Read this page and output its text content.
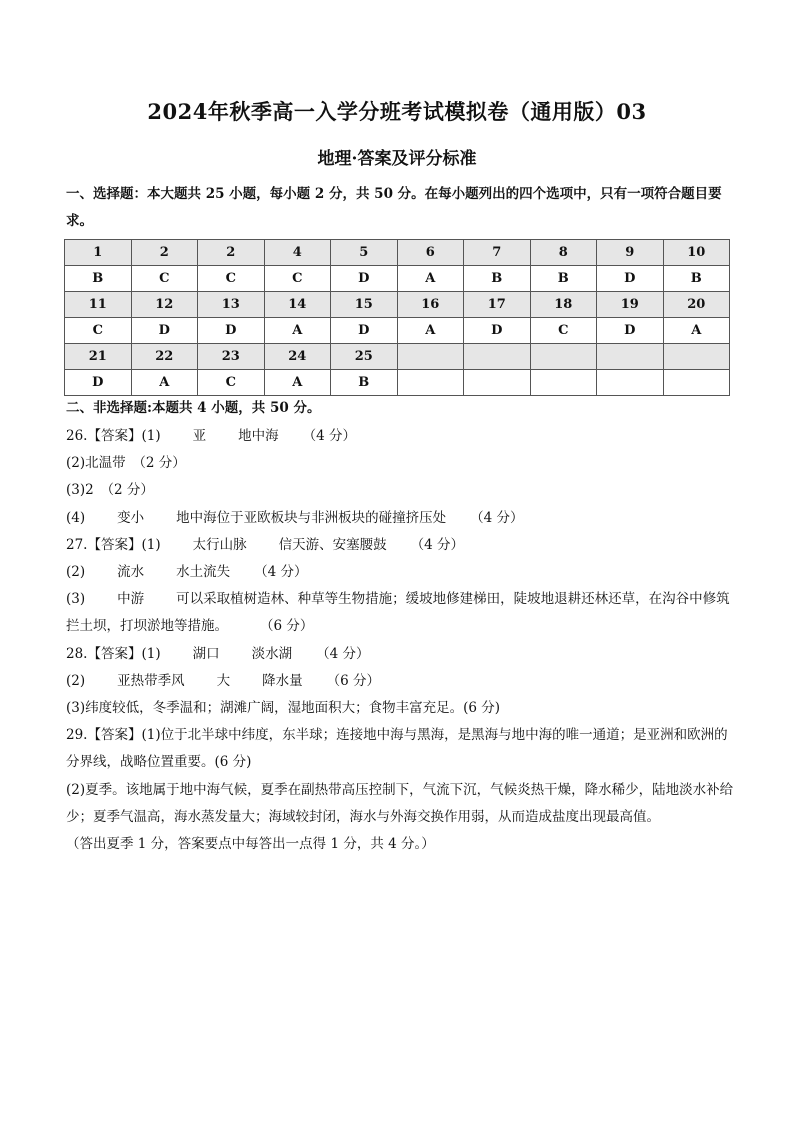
2024年秋季高一入学分班考试模拟卷（通用版）03
地理·答案及评分标准
一、选择题：本大题共 25 小题，每小题 2 分，共 50 分。在每小题列出的四个选项中，只有一项符合题目要求。
1	2	2	4	5	6	7	8	9	10
B	C	C	C	D	A	B	B	D	B
11	12	13	14	15	16	17	18	19	20
C	D	D	A	D	A	D	C	D	A
21	22	23	24	25					
D	A	C	A	B					
二、非选择题:本题共 4 小题，共 50 分。
26.【答案】(1) 亚 地中海 （4 分）
(2)北温带　（2 分）
(3)2　（2 分）
(4) 变小 地中海位于亚欧板块与非洲板块的碰撞挤压处 （4 分）
27.【答案】(1) 太行山脉 信天游、安塞腰鼓 （4 分）
(2) 流水 水土流失 （4 分）
(3) 中游 可以采取植树造林、种草等生物措施；缓坡地修建梯田，陡坡地退耕还林还草，在沟谷中修筑拦土坝，打坝淤地等措施。 （6 分）
28.【答案】(1) 湖口 淡水湖 （4 分）
(2) 亚热带季风 大 降水量 （6 分）
(3)纬度较低，冬季温和；湖滩广阔，湿地面积大；食物丰富充足。(6 分)
29.【答案】(1)位于北半球中纬度，东半球；连接地中海与黑海，是黑海与地中海的唯一通道；是亚洲和欧洲的分界线，战略位置重要。(6 分)
(2)夏季。该地属于地中海气候，夏季在副热带高压控制下，气流下沉，气候炎热干燥，降水稀少，陆地淡水补给少；夏季气温高，海水蒸发量大；海域较封闭，海水与外海交换作用弱，从而造成盐度出现最高值。
（答出夏季 1 分，答案要点中每答出一点得 1 分，共 4 分。）
